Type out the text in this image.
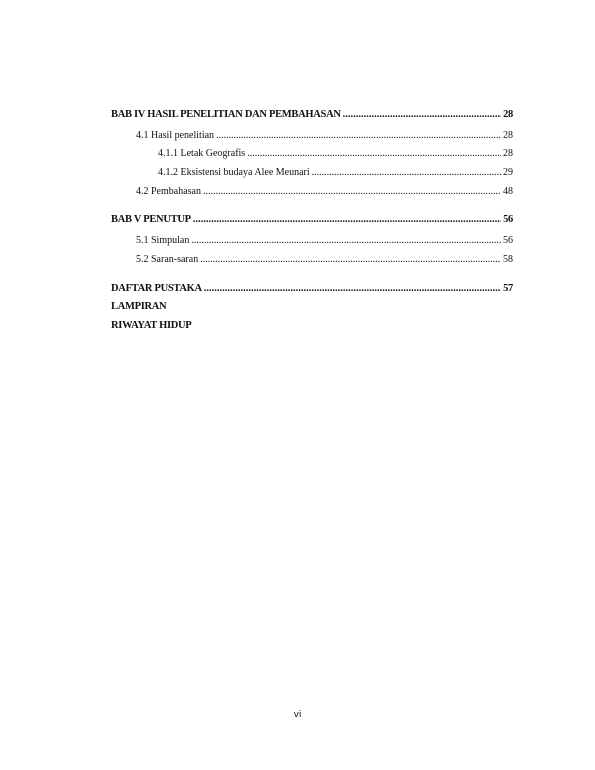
BAB IV HASIL PENELITIAN DAN PEMBAHASAN .....	28
4.1 Hasil penelitian .....	28
4.1.1 Letak Geografis .....	28
4.1.2 Eksistensi budaya Alee Meunari .....	29
4.2 Pembahasan .....	48
BAB V PENUTUP .....	56
5.1 Simpulan .....	56
5.2 Saran-saran .....	58
DAFTAR PUSTAKA .....	57
LAMPIRAN
RIWAYAT HIDUP
vi
